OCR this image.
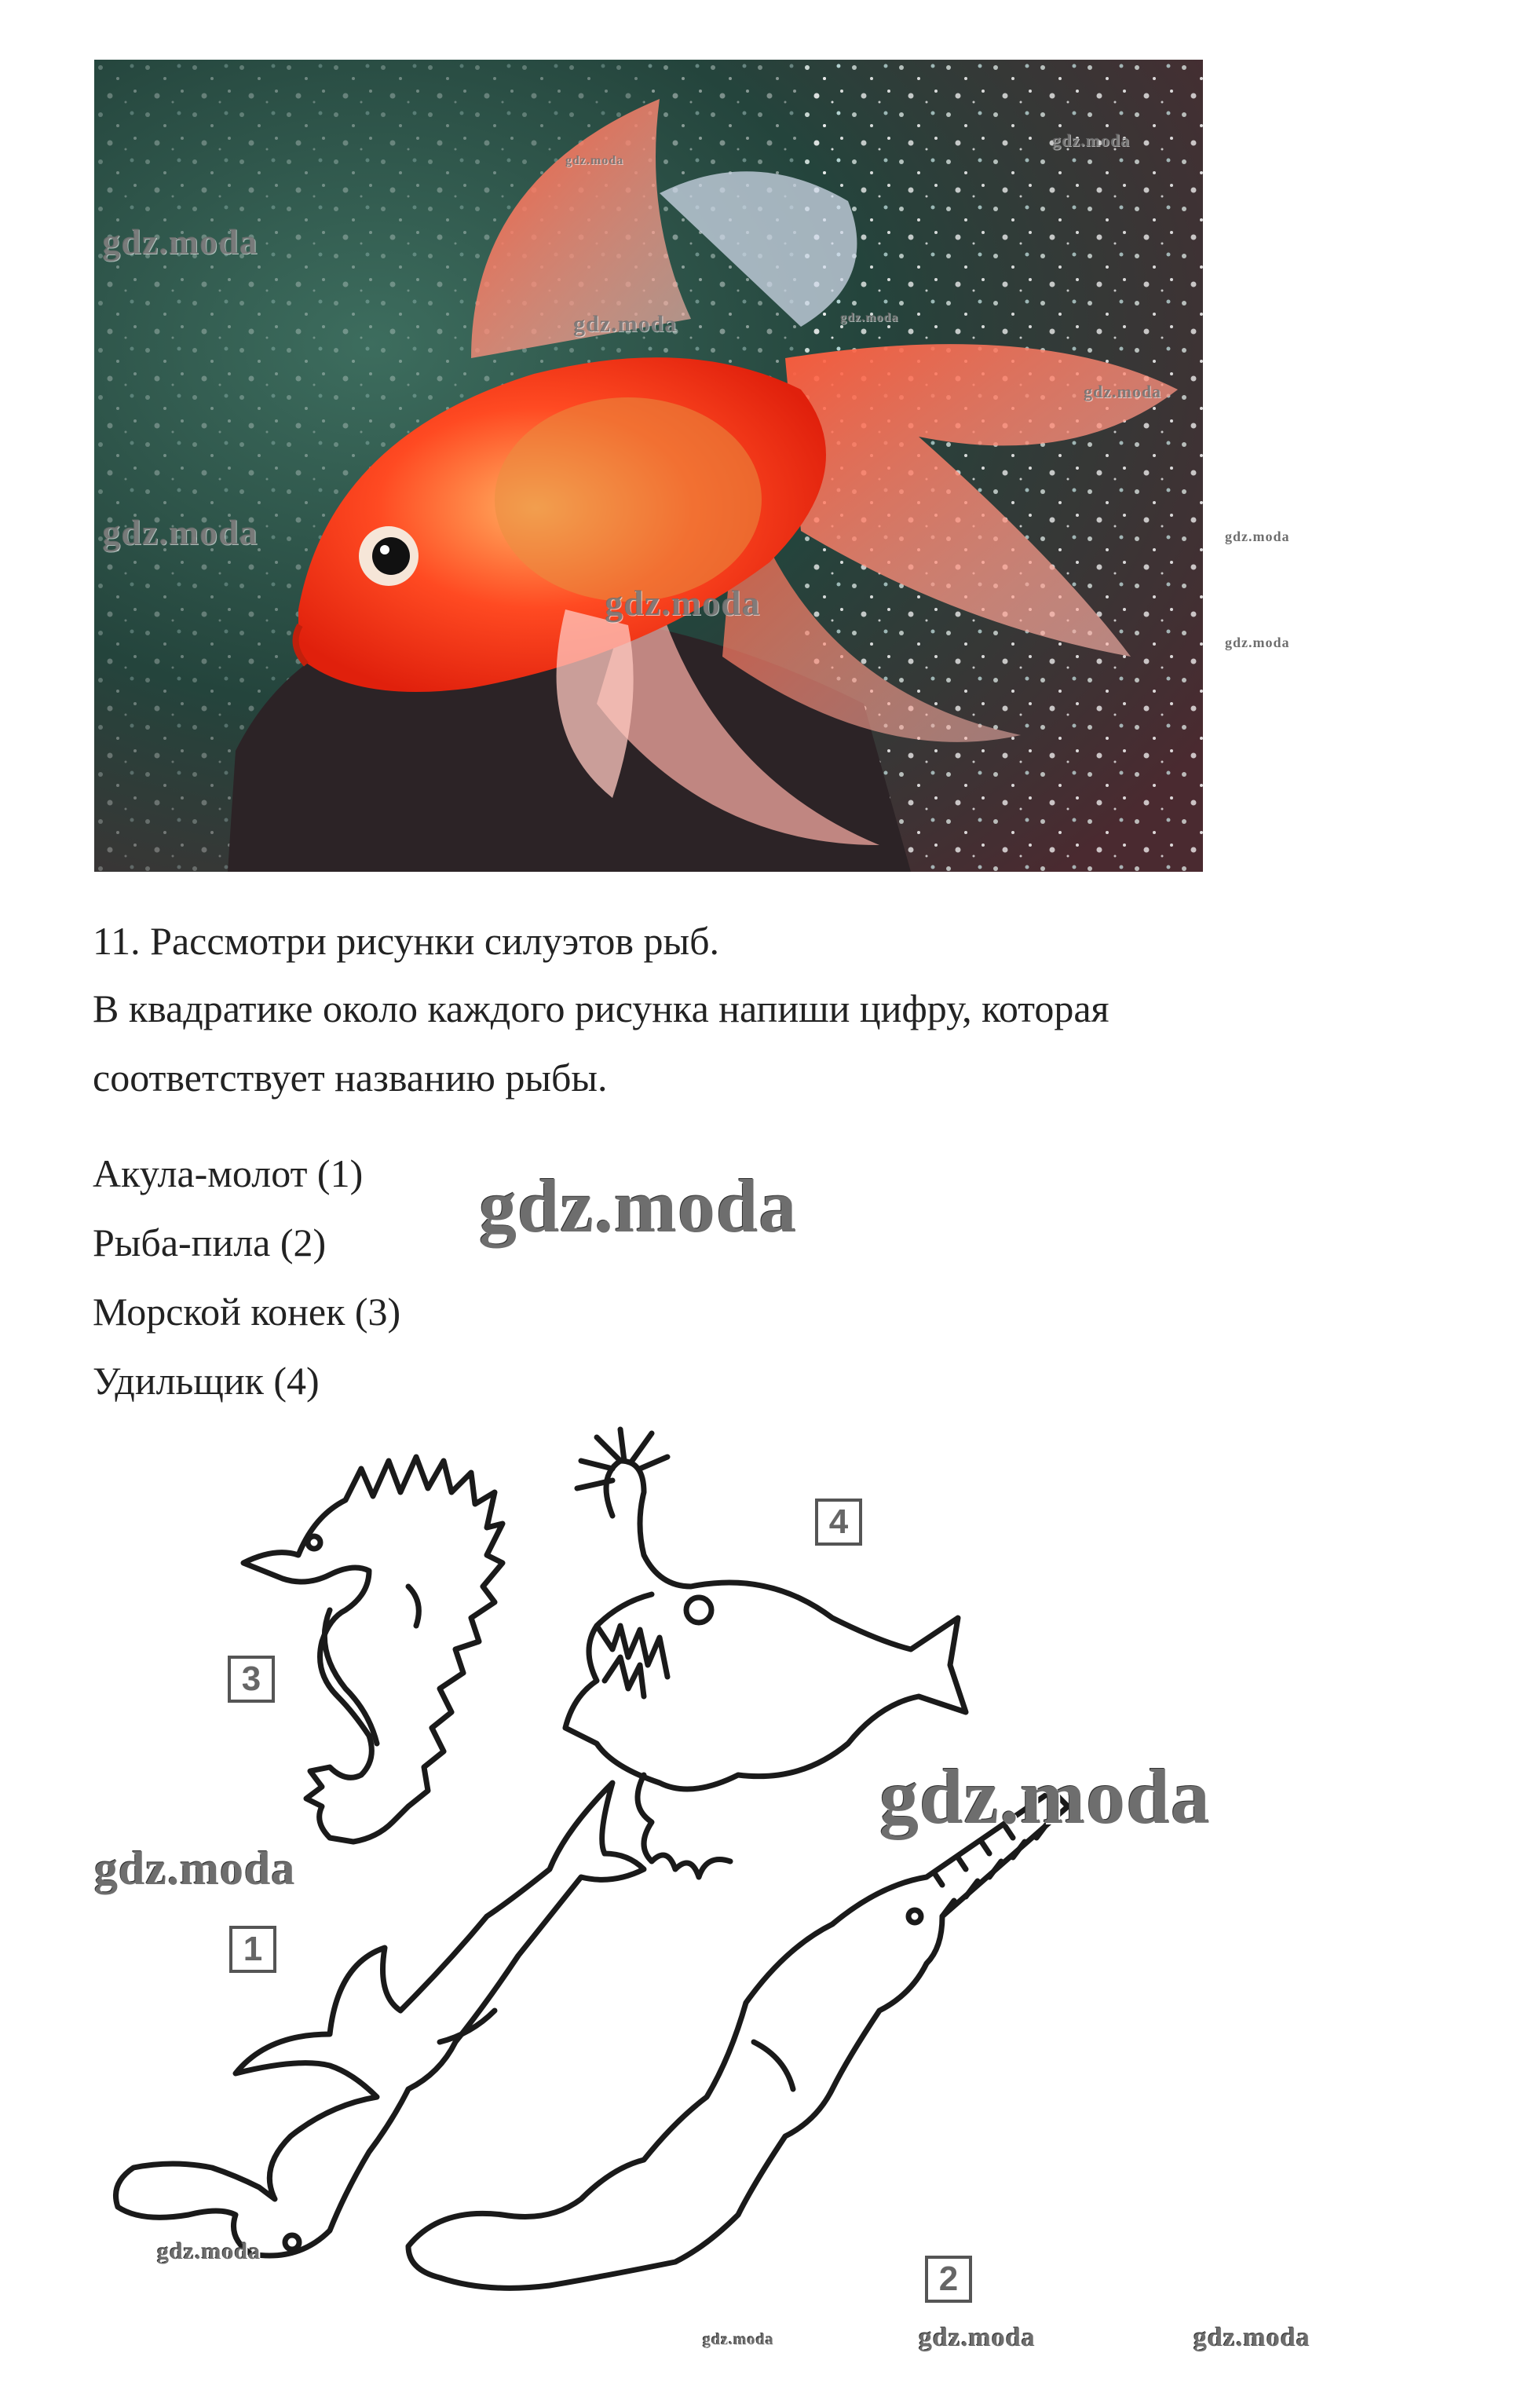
gdz.moda
gdz.moda
gdz.moda
gdz.moda
gdz.moda
gdz.moda
gdz.moda
gdz.moda
gdz.moda
gdz.moda
11. Рассмотри рисунки силуэтов рыб.
В квадратике около каждого рисунка напиши цифру, которая
соответствует названию рыбы.
Акула-молот (1)
Рыба-пила (2)
Морской конек (3)
Удильщик (4)
gdz.moda
3
4
1
2
gdz.moda
gdz.moda
gdz.moda
gdz.moda	gdz.moda	gdz.moda
